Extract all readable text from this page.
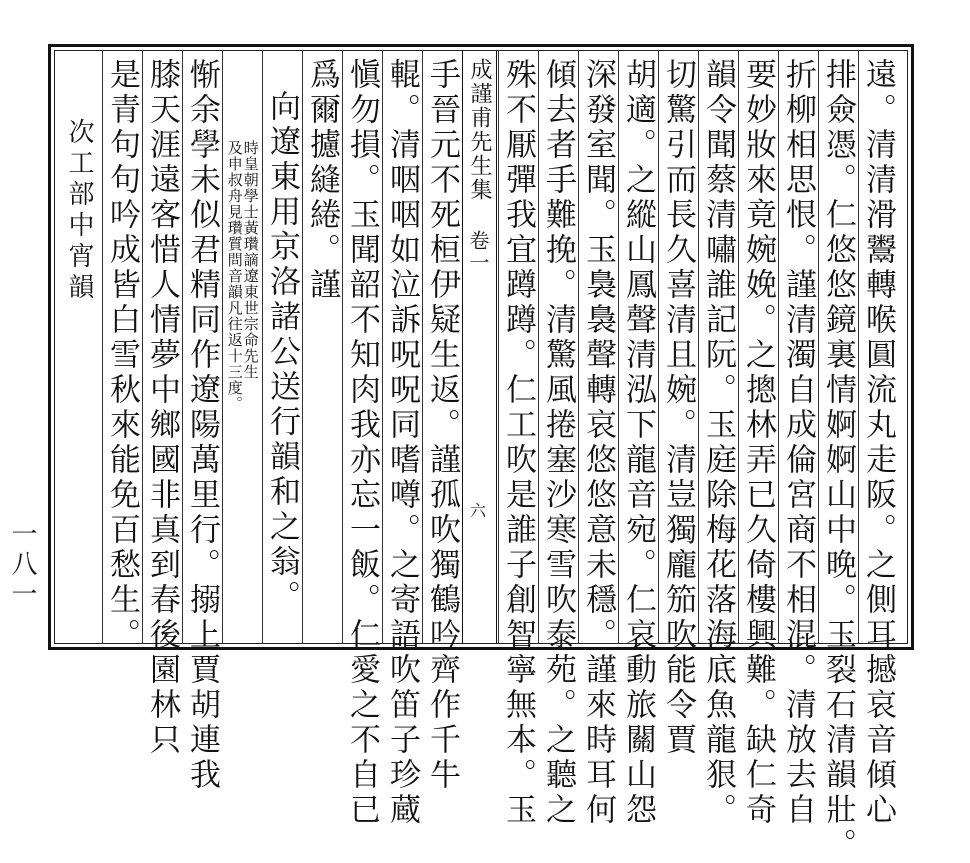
遠。清清滑鬻轉喉圓流丸走阪。之側耳撼哀音傾心
排僉憑。仁悠悠鏡裏情婀婀山中晚。玉裂石清韻壯。
折柳相思恨。謹清濁自成倫宮商不相混。清放去自
要妙妝來竟婉娩。之摠林弄已久倚樓興難。缺仁奇
韻令聞蔡清嘯誰記阮。玉庭除梅花落海底魚龍狠。
切驚引而長久喜清且婉。清豈獨龐笳吹能令賈
胡適。之縱山鳳聲清泓下龍音宛。仁哀動旅關山怨
深發室聞。玉裊裊聲轉哀悠悠意未穩。謹來時耳何
傾去者手難挽。清驚風捲塞沙寒雪吹泰苑。之聽之
殊不厭彈我宜蹲蹲。仁工吹是誰子創智寧無本。玉
成謹甫先生集
卷一
六
手晉元不死桓伊疑生返。謹孤吹獨鶴吟齊作千牛
輥。清咽咽如泣訴呪呪同嗜噂。之寄語吹笛子珍蔵
愼勿損。玉聞韶不知肉我亦忘一飯。仁愛之不自已
爲爾攄縫綣。謹
向遼東用京洛諸公送行韻和之翁。
時皇朝學士黃瓚謫遼東世宗命先生
及申叔舟見瓚質問音韻凡往返十三度。
惭余學未似君精同作遼陽萬里行。搦上賈胡連我
膝天涯遠客惜人情夢中鄉國非真到春後園林只
是青句句吟成皆白雪秋來能免百愁生。
次工部中宵韻
一八一
